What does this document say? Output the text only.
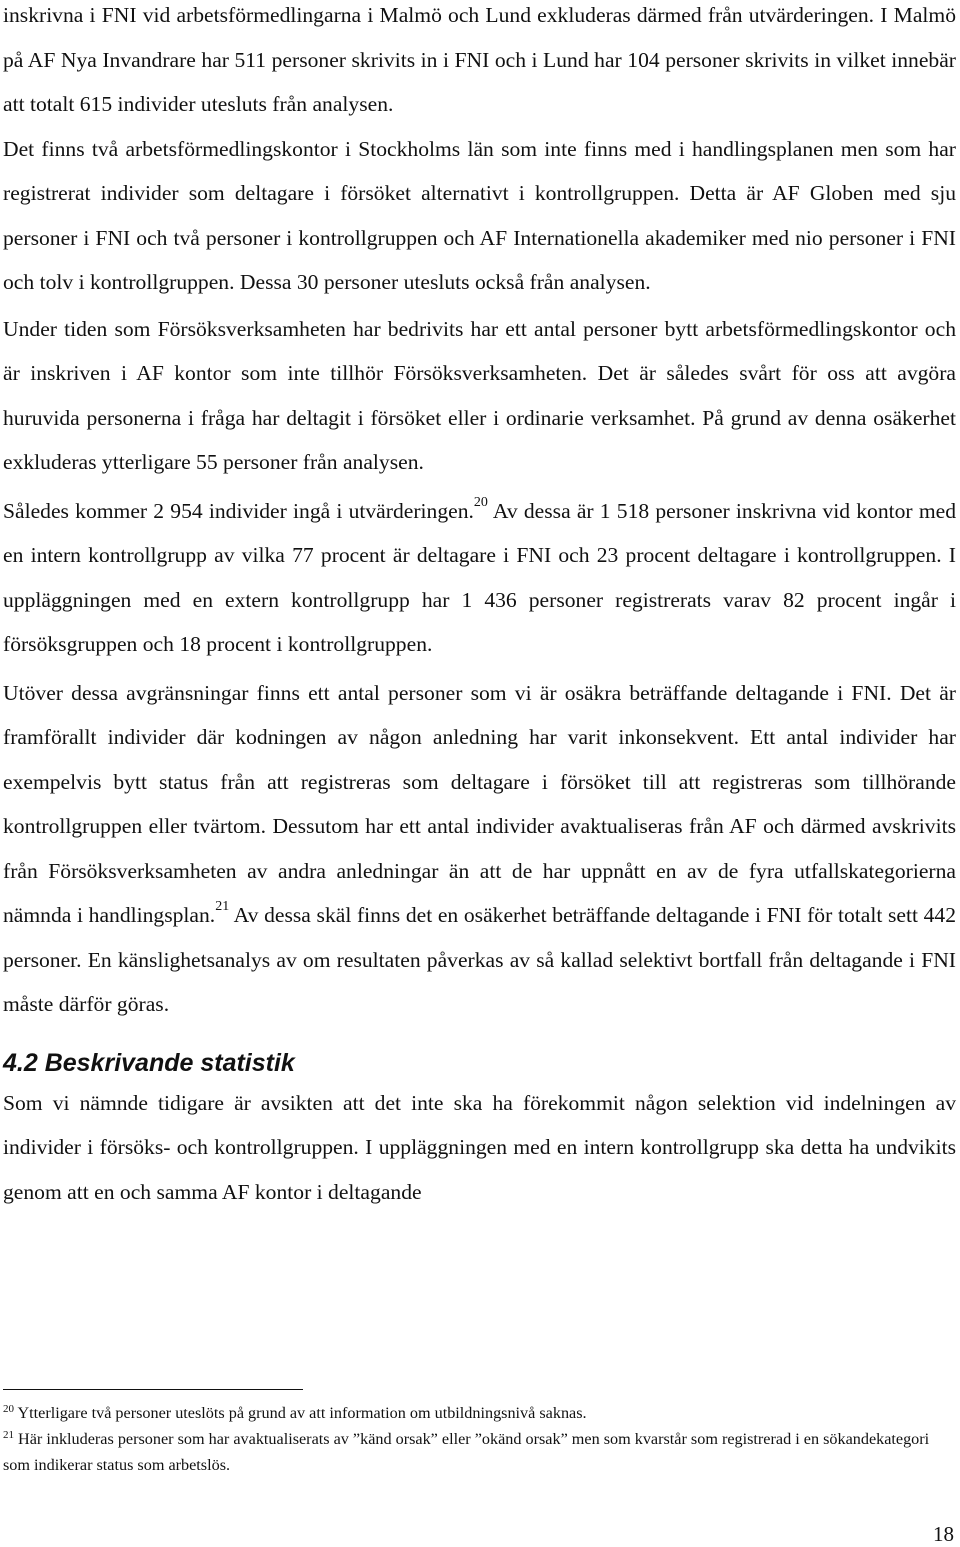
inskrivna i FNI vid arbetsförmedlingarna i Malmö och Lund exkluderas därmed från utvärderingen. I Malmö på AF Nya Invandrare har 511 personer skrivits in i FNI och i Lund har 104 personer skrivits in vilket innebär att totalt 615 individer utesluts från analysen.

Det finns två arbetsförmedlingskontor i Stockholms län som inte finns med i handlingsplanen men som har registrerat individer som deltagare i försöket alternativt i kontrollgruppen. Detta är AF Globen med sju personer i FNI och två personer i kontrollgruppen och AF Internationella akademiker med nio personer i FNI och tolv i kontrollgruppen. Dessa 30 personer utesluts också från analysen.

Under tiden som Försöksverksamheten har bedrivits har ett antal personer bytt arbetsförmedlingskontor och är inskriven i AF kontor som inte tillhör Försöksverksamheten. Det är således svårt för oss att avgöra huruvida personerna i fråga har deltagit i försöket eller i ordinarie verksamhet. På grund av denna osäkerhet exkluderas ytterligare 55 personer från analysen.

Således kommer 2 954 individer ingå i utvärderingen.$^{20}$ Av dessa är 1 518 personer inskrivna vid kontor med en intern kontrollgrupp av vilka 77 procent är deltagare i FNI och 23 procent deltagare i kontrollgruppen. I uppläggningen med en extern kontrollgrupp har 1 436 personer registrerats varav 82 procent ingår i försöksgruppen och 18 procent i kontrollgruppen.

Utöver dessa avgränsningar finns ett antal personer som vi är osäkra beträffande deltagande i FNI. Det är framförallt individer där kodningen av någon anledning har varit inkonsekvent. Ett antal individer har exempelvis bytt status från att registreras som deltagare i försöket till att registreras som tillhörande kontrollgruppen eller tvärtom. Dessutom har ett antal individer avaktualiseras från AF och därmed avskrivits från Försöksverksamheten av andra anledningar än att de har uppnått en av de fyra utfallskategorierna nämnda i handlingsplan.$^{21}$ Av dessa skäl finns det en osäkerhet beträffande deltagande i FNI för totalt sett 442 personer. En känslighetsanalys av om resultaten påverkas av så kallad selektivt bortfall från deltagande i FNI måste därför göras.

4.2 Beskrivande statistik

Som vi nämnde tidigare är avsikten att det inte ska ha förekommit någon selektion vid indelningen av individer i försöks- och kontrollgruppen. I uppläggningen med en intern kontrollgrupp ska detta ha undvikits genom att en och samma AF kontor i deltagande

$^{20}$ Ytterligare två personer uteslöts på grund av att information om utbildningsnivå saknas.

$^{21}$ Här inkluderas personer som har avaktualiserats av ”känd orsak” eller ”okänd orsak” men som kvarstår som registrerad i en sökandekategori som indikerar status som arbetslös.

18
